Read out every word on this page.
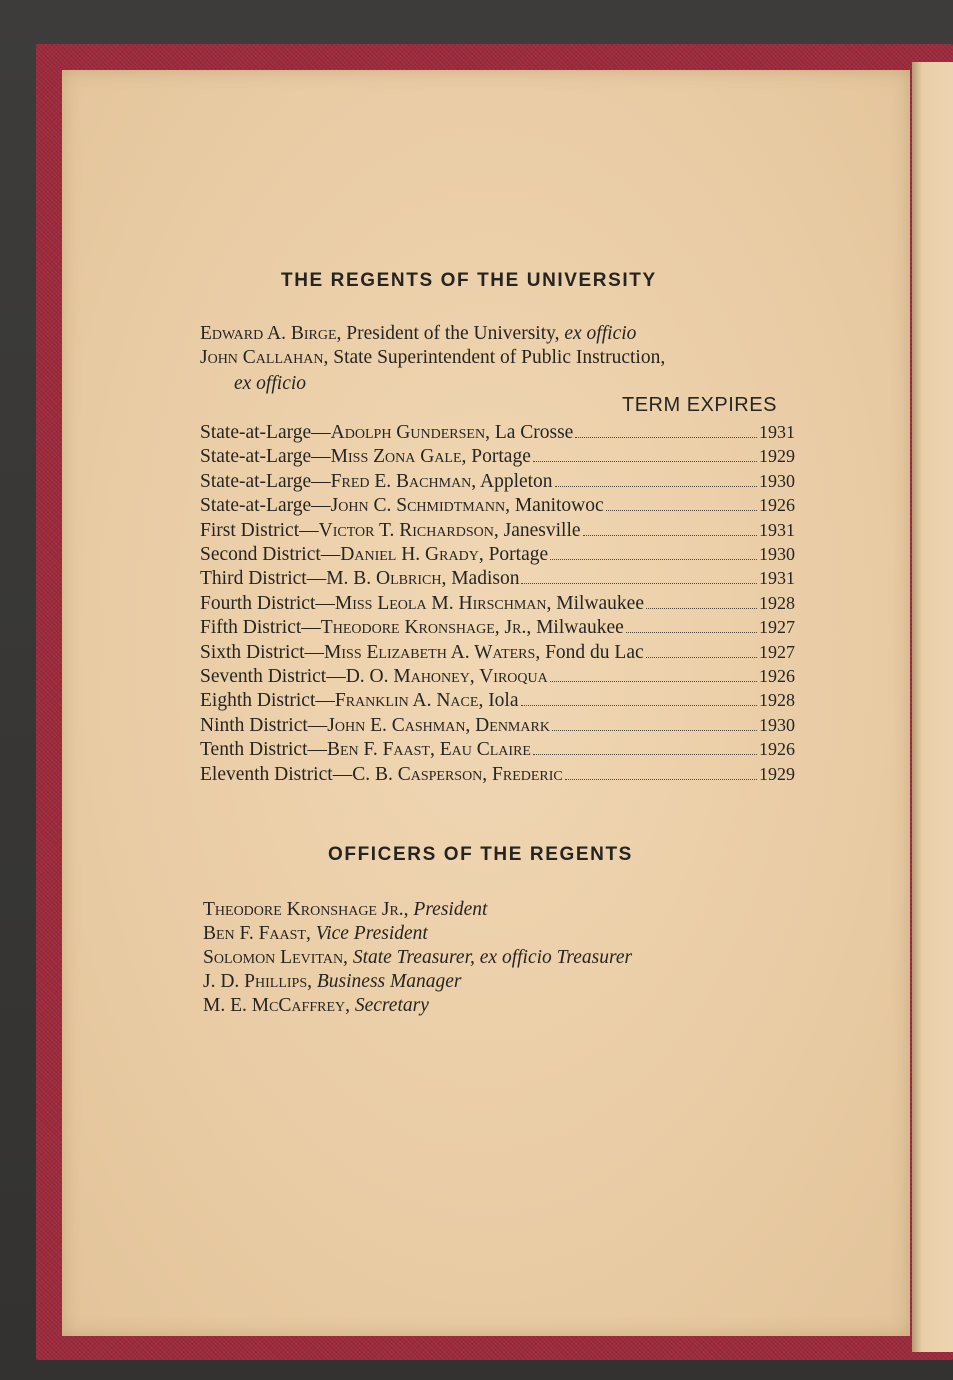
THE REGENTS OF THE UNIVERSITY
Edward A. Birge, President of the University, ex officio
John Callahan, State Superintendent of Public Instruction,
ex officio
TERM EXPIRES
State-at-Large—Adolph Gundersen, La Crosse	1931
State-at-Large—Miss Zona Gale, Portage	1929
State-at-Large—Fred E. Bachman, Appleton	1930
State-at-Large—John C. Schmidtmann, Manitowoc	1926
First District—Victor T. Richardson, Janesville	1931
Second District—Daniel H. Grady, Portage	1930
Third District—M. B. Olbrich, Madison	1931
Fourth District—Miss Leola M. Hirschman, Milwaukee	1928
Fifth District—Theodore Kronshage, Jr., Milwaukee	1927
Sixth District—Miss Elizabeth A. Waters, Fond du Lac	1927
Seventh District—D. O. Mahoney, Viroqua	1926
Eighth District—Franklin A. Nace, Iola	1928
Ninth District—John E. Cashman, Denmark	1930
Tenth District—Ben F. Faast, Eau Claire	1926
Eleventh District—C. B. Casperson, Frederic	1929
OFFICERS OF THE REGENTS
Theodore Kronshage Jr., President
Ben F. Faast, Vice President
Solomon Levitan, State Treasurer, ex officio Treasurer
J. D. Phillips, Business Manager
M. E. McCaffrey, Secretary
